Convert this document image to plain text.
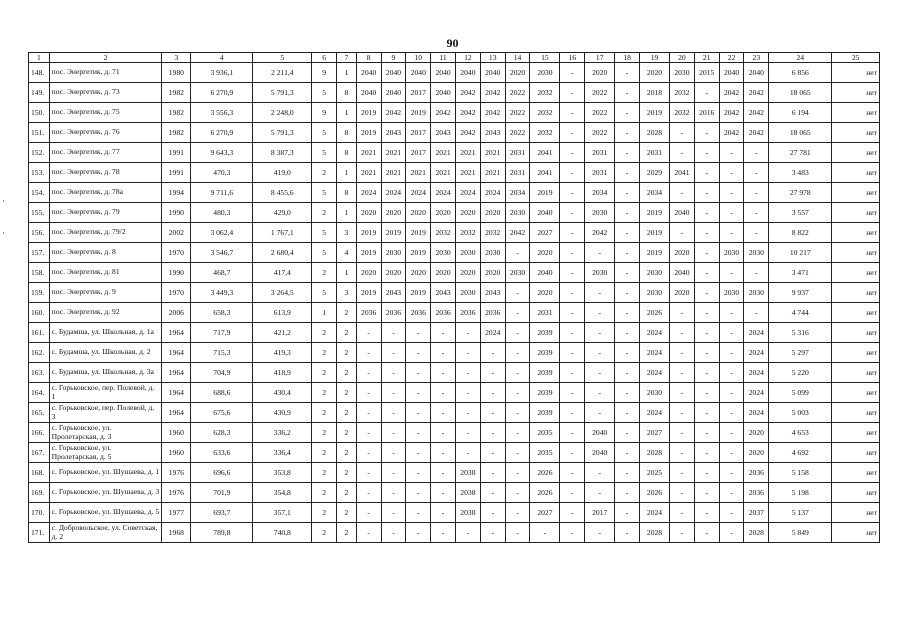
90
1	2	3	4	5	6	7	8	9	10	11	12	13	14	15	16	17	18	19	20	21	22	23	24	25
148.	пос. Энергетик, д. 71	1980	3 936,1	2 211,4	9	1	2040	2040	2040	2040	2040	2040	2020	2030	-	2020	-	2020	2030	2015	2040	2040	6 856	нет
149.	пос. Энергетик, д. 73	1982	6 270,9	5 791,3	5	8	2040	2040	2017	2040	2042	2042	2022	2032	-	2022	-	2018	2032	-	2042	2042	18 065	нет
150.	пос. Энергетик, д. 75	1982	3 556,3	2 248,0	9	1	2019	2042	2019	2042	2042	2042	2022	2032	-	2022	-	2019	2032	2016	2042	2042	6 194	нет
151.	пос. Энергетик, д. 76	1982	6 270,9	5 791,3	5	8	2019	2043	2017	2043	2042	2043	2022	2032	-	2022	-	2028	-	-	2042	2042	18 065	нет
152.	пос. Энергетик, д. 77	1991	9 643,3	8 387,3	5	8	2021	2021	2017	2021	2021	2021	2031	2041	-	2031	-	2031	-	-	-	-	27 781	нет
153.	пос. Энергетик, д. 78	1991	470,3	419,0	2	1	2021	2021	2021	2021	2021	2021	2031	2041	-	2031	-	2029	2041	-	-	-	3 483	нет
154.	пос. Энергетик, д. 78а	1994	9 711,6	8 455,6	5	8	2024	2024	2024	2024	2024	2024	2034	2019	-	2034	-	2034	-	-	-	-	27 978	нет
155.	пос. Энергетик, д. 79	1990	480,3	429,0	2	1	2020	2020	2020	2020	2020	2020	2030	2040	-	2030	-	2019	2040	-	-	-	3 557	нет
156.	пос. Энергетик, д. 79/2	2002	3 062,4	1 767,1	5	3	2019	2019	2019	2032	2032	2032	2042	2027	-	2042	-	2019	-	-	-	-	8 822	нет
157.	пос. Энергетик, д. 8	1970	3 546,7	2 680,4	5	4	2019	2030	2019	2030	2030	2030	-	2020	-	-	-	2019	2020	-	2030	2030	10 217	нет
158.	пос. Энергетик, д. 81	1990	468,7	417,4	2	1	2020	2020	2020	2020	2020	2020	2030	2040	-	2030	-	2030	2040	-	-	-	3 471	нет
159.	пос. Энергетик, д. 9	1970	3 449,3	3 264,5	5	3	2019	2043	2019	2043	2030	2043	-	2020	-	-	-	2030	2020	-	2030	2030	9 937	нет
160.	пос. Энергетик, д. 92	2006	658,3	613,9	1	2	2036	2036	2036	2036	2036	2036	-	2031	-	-	-	2026	-	-	-	-	4 744	нет
161.	с. Будамша, ул. Школьная, д. 1а	1964	717,9	421,2	2	2	-	-	-	-	-	2024	-	2039	-	-	-	2024	-	-	-	2024	5 316	нет
162.	с. Будамша, ул. Школьная, д. 2	1964	715,3	419,3	2	2	-	-	-	-	-	-	-	2039	-	-	-	2024	-	-	-	2024	5 297	нет
163.	с. Будамша, ул. Школьная, д. 3а	1964	704,9	418,9	2	2	-	-	-	-	-	-	-	2039	-	-	-	2024	-	-	-	2024	5 220	нет
164.	с. Горьковское, пер. Полевой, д. 1	1964	688,6	430,4	2	2	-	-	-	-	-	-	-	2039	-	-	-	2030	-	-	-	2024	5 099	нет
165.	с. Горьковское, пер. Полевой, д. 3	1964	675,6	430,9	2	2	-	-	-	-	-	-	-	2039	-	-	-	2024	-	-	-	2024	5 003	нет
166.	с. Горьковское, ул. Пролетарская, д. 3	1960	628,3	336,2	2	2	-	-	-	-	-	-	-	2035	-	2040	-	2027	-	-	-	2020	4 653	нет
167.	с. Горьковское, ул. Пролетарская, д. 5	1960	633,6	336,4	2	2	-	-	-	-	-	-	-	2035	-	2040	-	2028	-	-	-	2020	4 692	нет
168.	с. Горьковское, ул. Шушаева, д. 1	1976	696,6	353,8	2	2	-	-	-	-	2038	-	-	2026	-	-	-	2025	-	-	-	2036	5 158	нет
169.	с. Горьковское, ул. Шушаева, д. 3	1976	701,9	354,8	2	2	-	-	-	-	2038	-	-	2026	-	-	-	2026	-	-	-	2036	5 198	нет
170.	с. Горьковское, ул. Шушаева, д. 5	1977	693,7	357,1	2	2	-	-	-	-	2038	-	-	2027	-	2017	-	2024	-	-	-	2037	5 137	нет
171.	с. Добровольское, ул. Советская, д. 2	1968	789,8	740,8	2	2	-	-	-	-	-	-	-	-	-	-	-	2028	-	-	-	2028	5 849	нет
